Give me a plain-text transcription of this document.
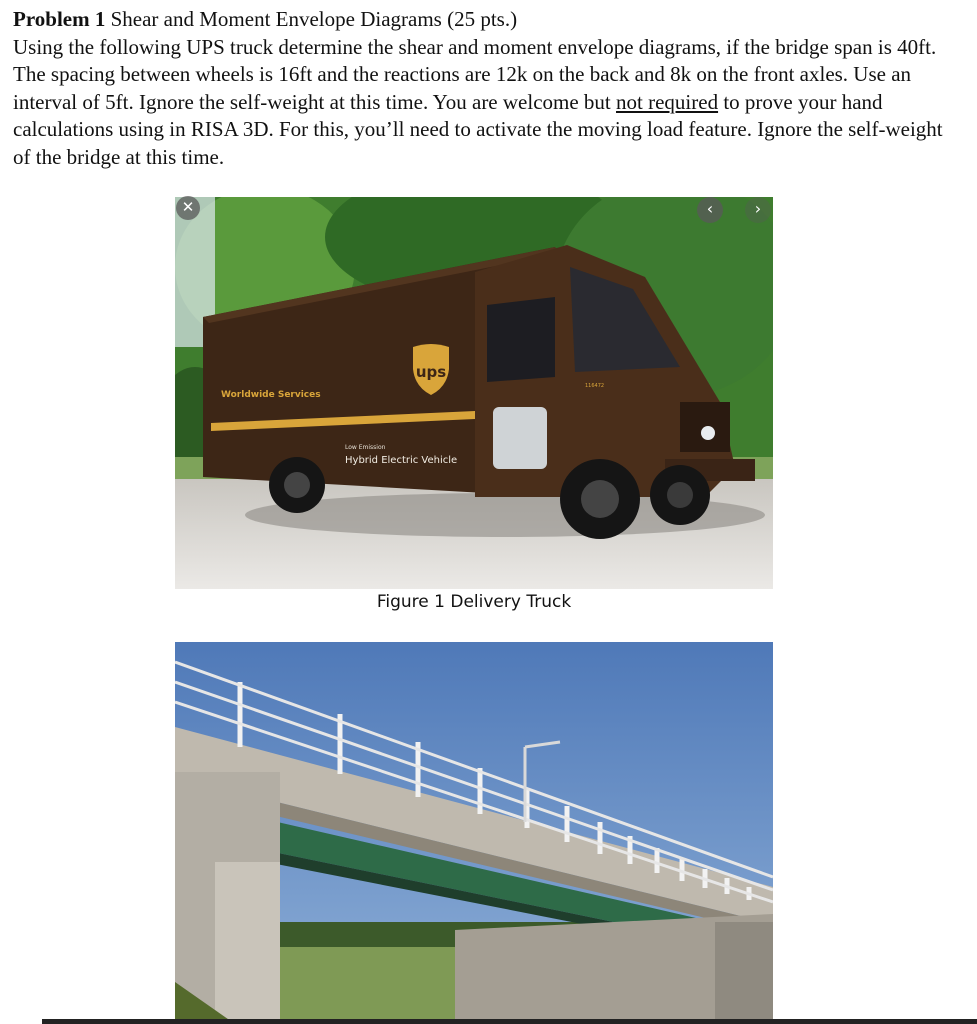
Problem 1 Shear and Moment Envelope Diagrams (25 pts.)
Using the following UPS truck determine the shear and moment envelope diagrams, if the bridge span is 40ft. The spacing between wheels is 16ft and the reactions are 12k on the back and 8k on the front axles. Use an interval of 5ft. Ignore the self-weight at this time. You are welcome but not required to prove your hand calculations using in RISA 3D. For this, you’ll need to activate the moving load feature. Ignore the self-weight of the bridge at this time.
ups
Worldwide Services
Low Emission
Hybrid Electric Vehicle
116472
✕	‹	›
Figure 1 Delivery Truck
